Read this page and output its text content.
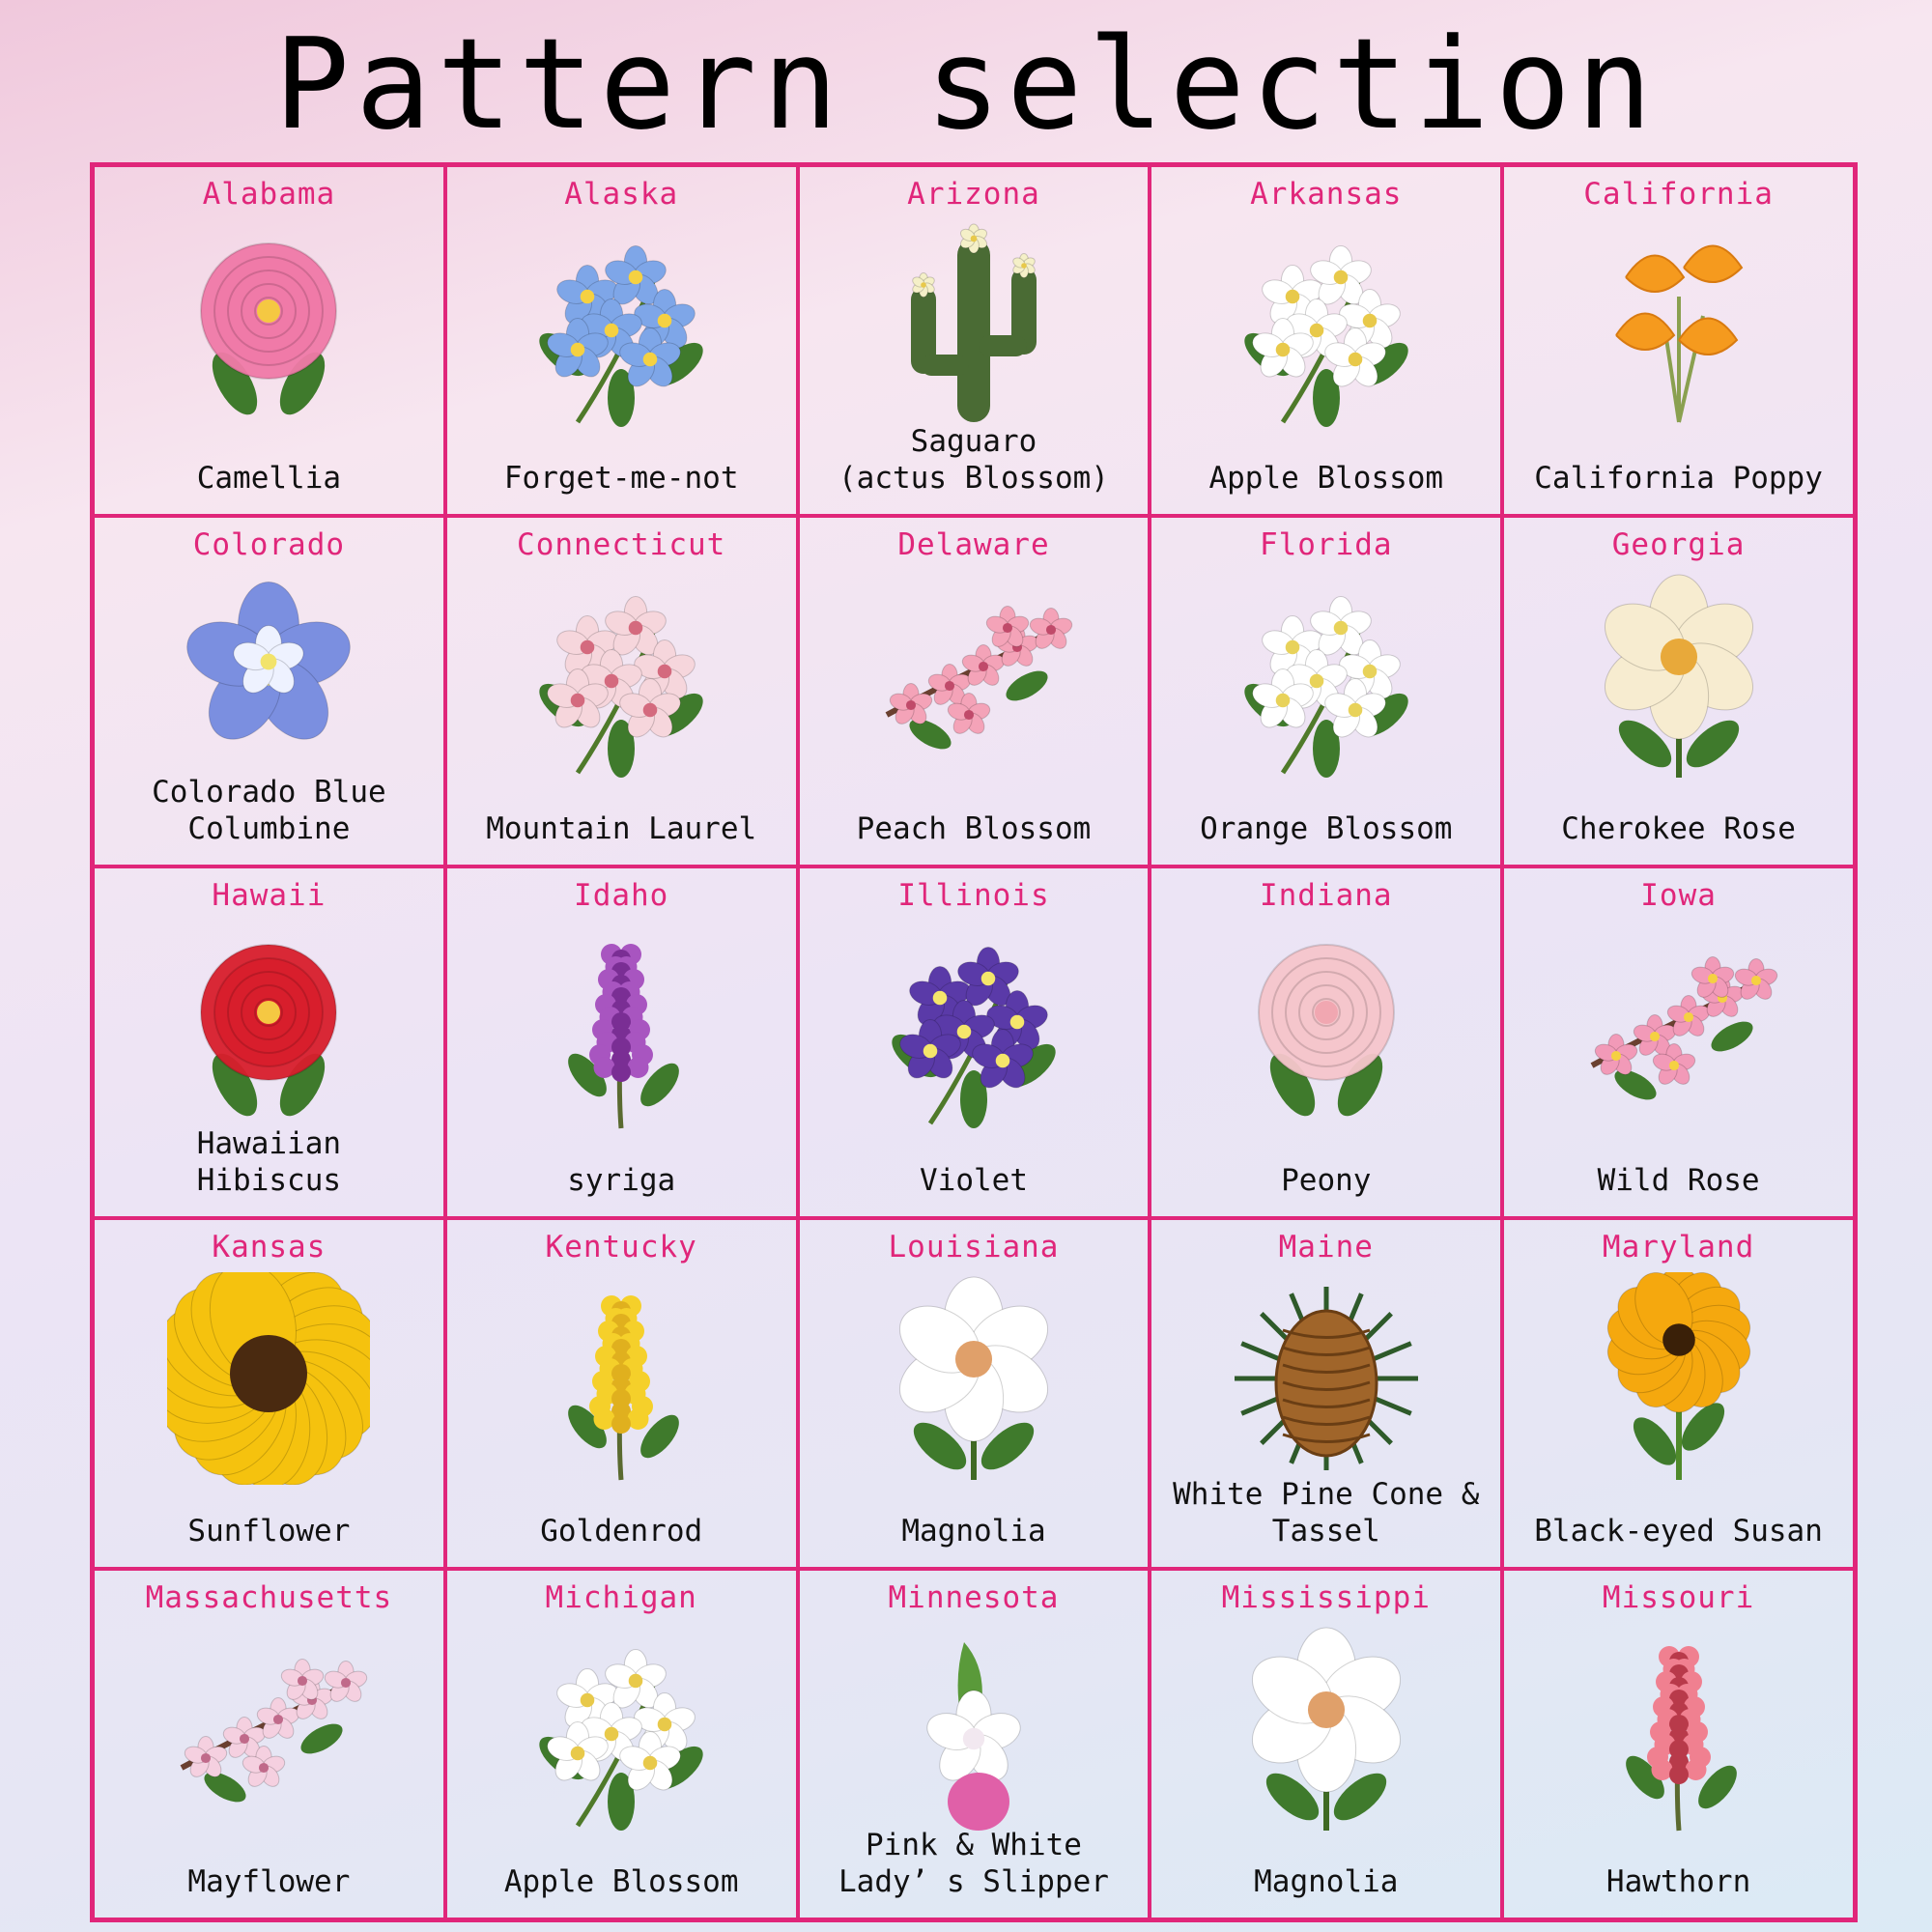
Pattern selection
Alabama
Camellia
Alaska
Forget-me-not
Arizona
Saguaro
(actus Blossom)
Arkansas
Apple Blossom
California
California Poppy
Colorado
Colorado Blue
Columbine
Connecticut
Mountain Laurel
Delaware
Peach Blossom
Florida
Orange Blossom
Georgia
Cherokee Rose
Hawaii
Hawaiian
Hibiscus
Idaho
syriga
Illinois
Violet
Indiana
Peony
Iowa
Wild Rose
Kansas
Sunflower
Kentucky
Goldenrod
Louisiana
Magnolia
Maine
White Pine Cone &
Tassel
Maryland
Black-eyed Susan
Massachusetts
Mayflower
Michigan
Apple Blossom
Minnesota
Pink & White
Lady’ s Slipper
Mississippi
Magnolia
Missouri
Hawthorn
